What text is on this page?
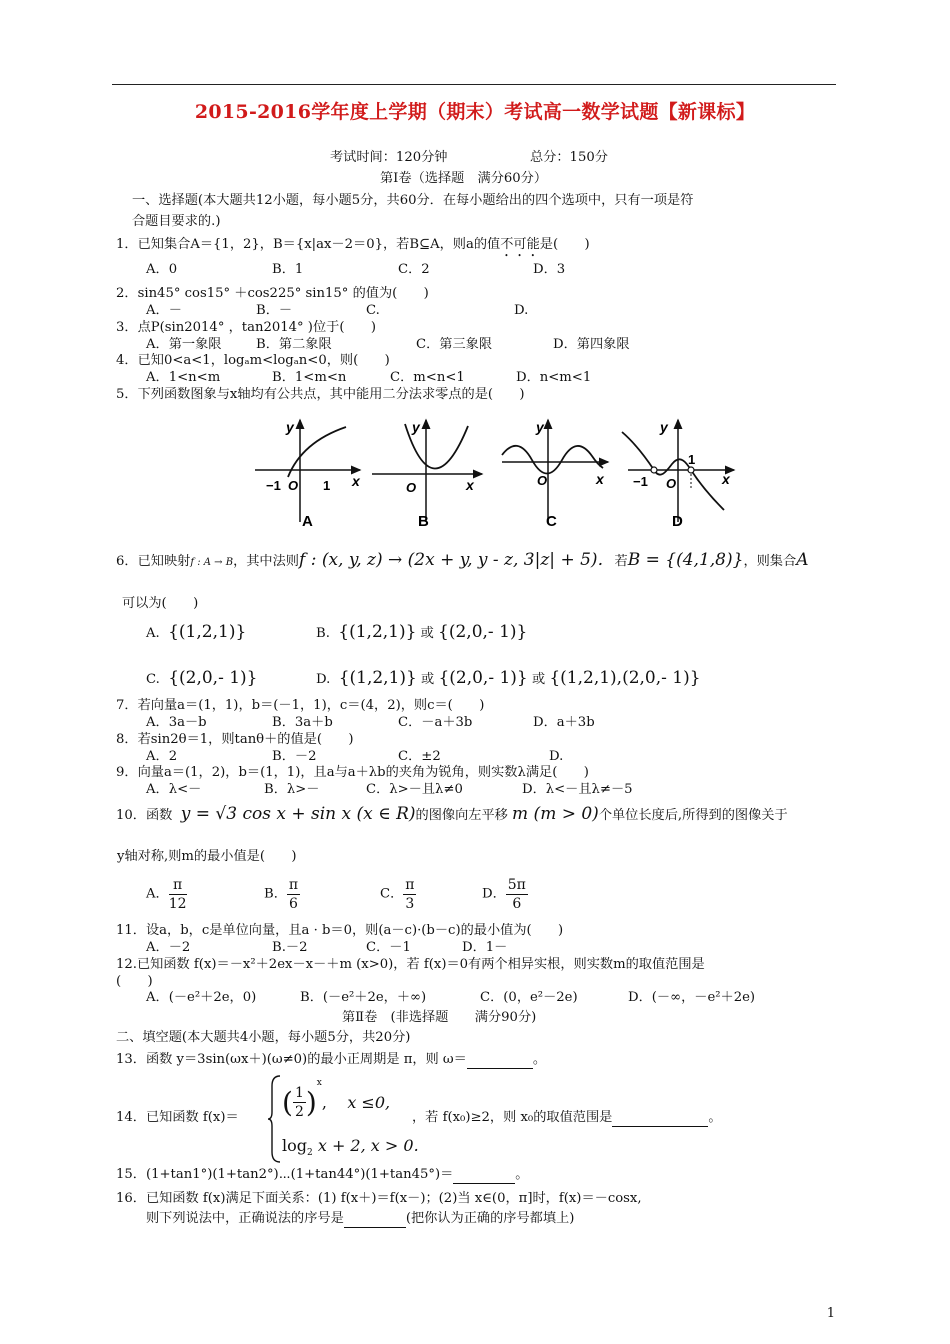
2015-2016学年度上学期（期末）考试高一数学试题【新课标】
考试时间：120分钟	总分：150分
第Ⅰ卷（选择题　满分60分）
一、选择题(本大题共12小题，每小题5分，共60分．在每小题给出的四个选项中，只有一项是符
合题目要求的.)
1．已知集合A＝{1，2}，B＝{x|ax－2＝0}，若B⊆A，则a的值不可能是(　　)
A．0	B．1	C．2	D．3
2．sin45° cos15° ＋cos225° sin15° 的值为(　　)
A．－	B．－	C.	D.
3．点P(sin2014° ，tan2014° )位于(　　)
A．第一象限	B．第二象限	C．第三象限	D．第四象限
4．已知0<a<1，logₐm<logₐn<0，则(　　)
A．1<n<m	B．1<m<n	C．m<n<1	D．n<m<1
5．下列函数图象与x轴均有公共点，其中能用二分法求零点的是(　　)
y
x
−1 O 1
A
y
x
O
B
y
x
O
C
y
x
−1 O
1
D
6．已知映射f : A → B，其中法则f : (x, y, z) → (2x + y, y - z, 3|z| + 5)．若B = {(4,1,8)}，则集合A
可以为(　　)
A. {(1,2,1)}	B. {(1,2,1)} 或 {(2,0,- 1)}
C. {(2,0,- 1)}	D. {(1,2,1)} 或 {(2,0,- 1)} 或 {(1,2,1),(2,0,- 1)}
7．若向量a＝(1，1)，b＝(－1，1)，c＝(4，2)，则c＝(　　)
A．3a－b	B．3a＋b	C．－a＋3b	D．a＋3b
8．若sin2θ＝1，则tanθ＋的值是(　　)
A．2	B．－2	C．±2	D.
9．向量a＝(1，2)，b＝(1，1)，且a与a＋λb的夹角为锐角，则实数λ满足(　　)
A．λ<－	B．λ>－	C．λ>－且λ≠0	D．λ<－且λ≠－5
10．函数 y = √3 cos x + sin x (x ∈ R)的图像向左平移 m (m > 0)个单位长度后,所得到的图像关于
y轴对称,则m的最小值是(　　)
A． $\frac{\pi}{12}$	B． $\frac{\pi}{6}$	C． $\frac{\pi}{3}$	D． $\frac{5\pi}{6}$
11．设a，b，c是单位向量，且a · b＝0，则(a－c)·(b－c)的最小值为(　　)
A．－2	B.－2	C．－1	D．1－
12.已知函数 f(x)＝－x²＋2ex－x－＋m (x>0)，若 f(x)＝0有两个相异实根，则实数m的取值范围是
(　　)
A．(－e²＋2e，0)	B．(－e²＋2e，＋∞)	C．(0，e²－2e)	D．(－∞，－e²＋2e)
第Ⅱ卷　(非选择题　　满分90分)
二、填空题(本大题共4小题，每小题5分，共20分)
13．函数 y＝3sin(ωx＋)(ω≠0)的最小正周期是 π，则 ω＝	。
14．已知函数 f(x)＝ ( $\frac{1}{2} )^x$,    x ≤0,
$\log_2 x + 2$, x > 0.
，若 f(x₀)≥2，则 x₀的取值范围是	。
15．(1+tan1°)(1+tan2°)⋯(1+tan44°)(1+tan45°)＝	。
16．已知函数 f(x)满足下面关系：(1) f(x＋)＝f(x－)；(2)当 x∈(0，π]时，f(x)＝－cosx,
则下列说法中，正确说法的序号是	(把你认为正确的序号都填上)
1
